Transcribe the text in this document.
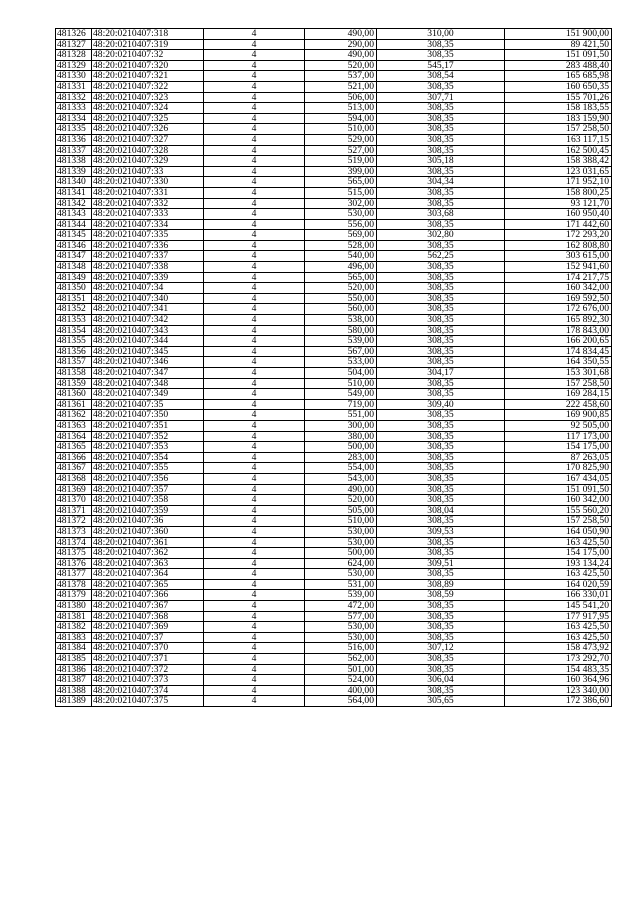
481326	48:20:0210407:318	4	490,00	310,00	151 900,00
481327	48:20:0210407:319	4	290,00	308,35	89 421,50
481328	48:20:0210407:32	4	490,00	308,35	151 091,50
481329	48:20:0210407:320	4	520,00	545,17	283 488,40
481330	48:20:0210407:321	4	537,00	308,54	165 685,98
481331	48:20:0210407:322	4	521,00	308,35	160 650,35
481332	48:20:0210407:323	4	506,00	307,71	155 701,26
481333	48:20:0210407:324	4	513,00	308,35	158 183,55
481334	48:20:0210407:325	4	594,00	308,35	183 159,90
481335	48:20:0210407:326	4	510,00	308,35	157 258,50
481336	48:20:0210407:327	4	529,00	308,35	163 117,15
481337	48:20:0210407:328	4	527,00	308,35	162 500,45
481338	48:20:0210407:329	4	519,00	305,18	158 388,42
481339	48:20:0210407:33	4	399,00	308,35	123 031,65
481340	48:20:0210407:330	4	565,00	304,34	171 952,10
481341	48:20:0210407:331	4	515,00	308,35	158 800,25
481342	48:20:0210407:332	4	302,00	308,35	93 121,70
481343	48:20:0210407:333	4	530,00	303,68	160 950,40
481344	48:20:0210407:334	4	556,00	308,35	171 442,60
481345	48:20:0210407:335	4	569,00	302,80	172 293,20
481346	48:20:0210407:336	4	528,00	308,35	162 808,80
481347	48:20:0210407:337	4	540,00	562,25	303 615,00
481348	48:20:0210407:338	4	496,00	308,35	152 941,60
481349	48:20:0210407:339	4	565,00	308,35	174 217,75
481350	48:20:0210407:34	4	520,00	308,35	160 342,00
481351	48:20:0210407:340	4	550,00	308,35	169 592,50
481352	48:20:0210407:341	4	560,00	308,35	172 676,00
481353	48:20:0210407:342	4	538,00	308,35	165 892,30
481354	48:20:0210407:343	4	580,00	308,35	178 843,00
481355	48:20:0210407:344	4	539,00	308,35	166 200,65
481356	48:20:0210407:345	4	567,00	308,35	174 834,45
481357	48:20:0210407:346	4	533,00	308,35	164 350,55
481358	48:20:0210407:347	4	504,00	304,17	153 301,68
481359	48:20:0210407:348	4	510,00	308,35	157 258,50
481360	48:20:0210407:349	4	549,00	308,35	169 284,15
481361	48:20:0210407:35	4	719,00	309,40	222 458,60
481362	48:20:0210407:350	4	551,00	308,35	169 900,85
481363	48:20:0210407:351	4	300,00	308,35	92 505,00
481364	48:20:0210407:352	4	380,00	308,35	117 173,00
481365	48:20:0210407:353	4	500,00	308,35	154 175,00
481366	48:20:0210407:354	4	283,00	308,35	87 263,05
481367	48:20:0210407:355	4	554,00	308,35	170 825,90
481368	48:20:0210407:356	4	543,00	308,35	167 434,05
481369	48:20:0210407:357	4	490,00	308,35	151 091,50
481370	48:20:0210407:358	4	520,00	308,35	160 342,00
481371	48:20:0210407:359	4	505,00	308,04	155 560,20
481372	48:20:0210407:36	4	510,00	308,35	157 258,50
481373	48:20:0210407:360	4	530,00	309,53	164 050,90
481374	48:20:0210407:361	4	530,00	308,35	163 425,50
481375	48:20:0210407:362	4	500,00	308,35	154 175,00
481376	48:20:0210407:363	4	624,00	309,51	193 134,24
481377	48:20:0210407:364	4	530,00	308,35	163 425,50
481378	48:20:0210407:365	4	531,00	308,89	164 020,59
481379	48:20:0210407:366	4	539,00	308,59	166 330,01
481380	48:20:0210407:367	4	472,00	308,35	145 541,20
481381	48:20:0210407:368	4	577,00	308,35	177 917,95
481382	48:20:0210407:369	4	530,00	308,35	163 425,50
481383	48:20:0210407:37	4	530,00	308,35	163 425,50
481384	48:20:0210407:370	4	516,00	307,12	158 473,92
481385	48:20:0210407:371	4	562,00	308,35	173 292,70
481386	48:20:0210407:372	4	501,00	308,35	154 483,35
481387	48:20:0210407:373	4	524,00	306,04	160 364,96
481388	48:20:0210407:374	4	400,00	308,35	123 340,00
481389	48:20:0210407:375	4	564,00	305,65	172 386,60
